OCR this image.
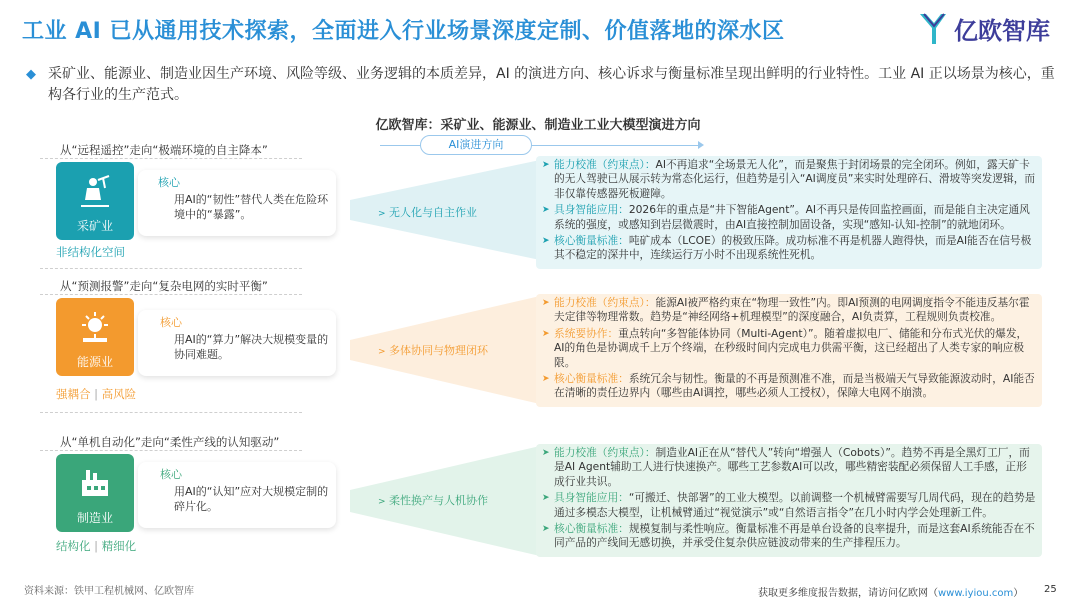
工业 AI 已从通用技术探索，全面进入行业场景深度定制、价值落地的深水区	亿欧智库
◆ 采矿业、能源业、制造业因生产环境、风险等级、业务逻辑的本质差异，AI 的演进方向、核心诉求与衡量标准呈现出鲜明的行业特性。工业 AI 正以场景为核心，重构各行业的生产范式。
亿欧智库：采矿业、能源业、制造业工业大模型演进方向
AI演进方向
从“远程遥控”走向“极端环境的自主降本”
采矿业
核心
用AI的“韧性”替代人类在危险环境中的“暴露”。
非结构化空间
> 无人化与自主作业
➤ 能力校准（约束点）：AI不再追求“全场景无人化”，而是聚焦于封闭场景的完全闭环。例如，露天矿卡的无人驾驶已从展示转为常态化运行，但趋势是引入“AI调度员”来实时处理碎石、滑坡等突发逻辑，而非仅靠传感器死板避障。
➤ 具身智能应用：2026年的重点是“井下智能Agent”。AI不再只是传回监控画面，而是能自主决定通风系统的强度，或感知到岩层微震时，由AI直接控制加固设备，实现“感知-认知-控制”的就地闭环。
➤ 核心衡量标准：吨矿成本（LCOE）的极致压降。成功标准不再是机器人跑得快，而是AI能否在信号极其不稳定的深井中，连续运行万小时不出现系统性死机。
从“预测报警”走向“复杂电网的实时平衡”
能源业
核心
用AI的“算力”解决大规模变量的协同难题。
强耦合 | 高风险
> 多体协同与物理闭环
➤ 能力校准（约束点）：能源AI被严格约束在“物理一致性”内。即AI预测的电网调度指令不能违反基尔霍夫定律等物理常数。趋势是“神经网络+机理模型”的深度融合，AI负责算，工程规则负责校准。
➤ 系统要协作：重点转向“多智能体协同（Multi-Agent）”。随着虚拟电厂、储能和分布式光伏的爆发，AI的角色是协调成千上万个终端，在秒级时间内完成电力供需平衡，这已经超出了人类专家的响应极限。
➤ 核心衡量标准：系统冗余与韧性。衡量的不再是预测准不准，而是当极端天气导致能源波动时，AI能否在清晰的责任边界内（哪些由AI调控，哪些必须人工授权），保障大电网不崩溃。
从“单机自动化”走向“柔性产线的认知驱动”
制造业
核心
用AI的“认知”应对大规模定制的碎片化。
结构化 | 精细化
> 柔性换产与人机协作
➤ 能力校准（约束点）：制造业AI正在从“替代人”转向“增强人（Cobots）”。趋势不再是全黑灯工厂，而是AI Agent辅助工人进行快速换产。哪些工艺参数AI可以改，哪些精密装配必须保留人工手感，正形成行业共识。
➤ 具身智能应用：“可搬迁、快部署”的工业大模型。以前调整一个机械臂需要写几周代码，现在的趋势是通过多模态大模型，让机械臂通过“视觉演示”或“自然语言指令”在几小时内学会处理新工件。
➤ 核心衡量标准：规模复制与柔性响应。衡量标准不再是单台设备的良率提升，而是这套AI系统能否在不同产品的产线间无感切换，并承受住复杂供应链波动带来的生产排程压力。
资料来源：铁甲工程机械网、亿欧智库	获取更多维度报告数据，请访问亿欧网（www.iyiou.com） 25
